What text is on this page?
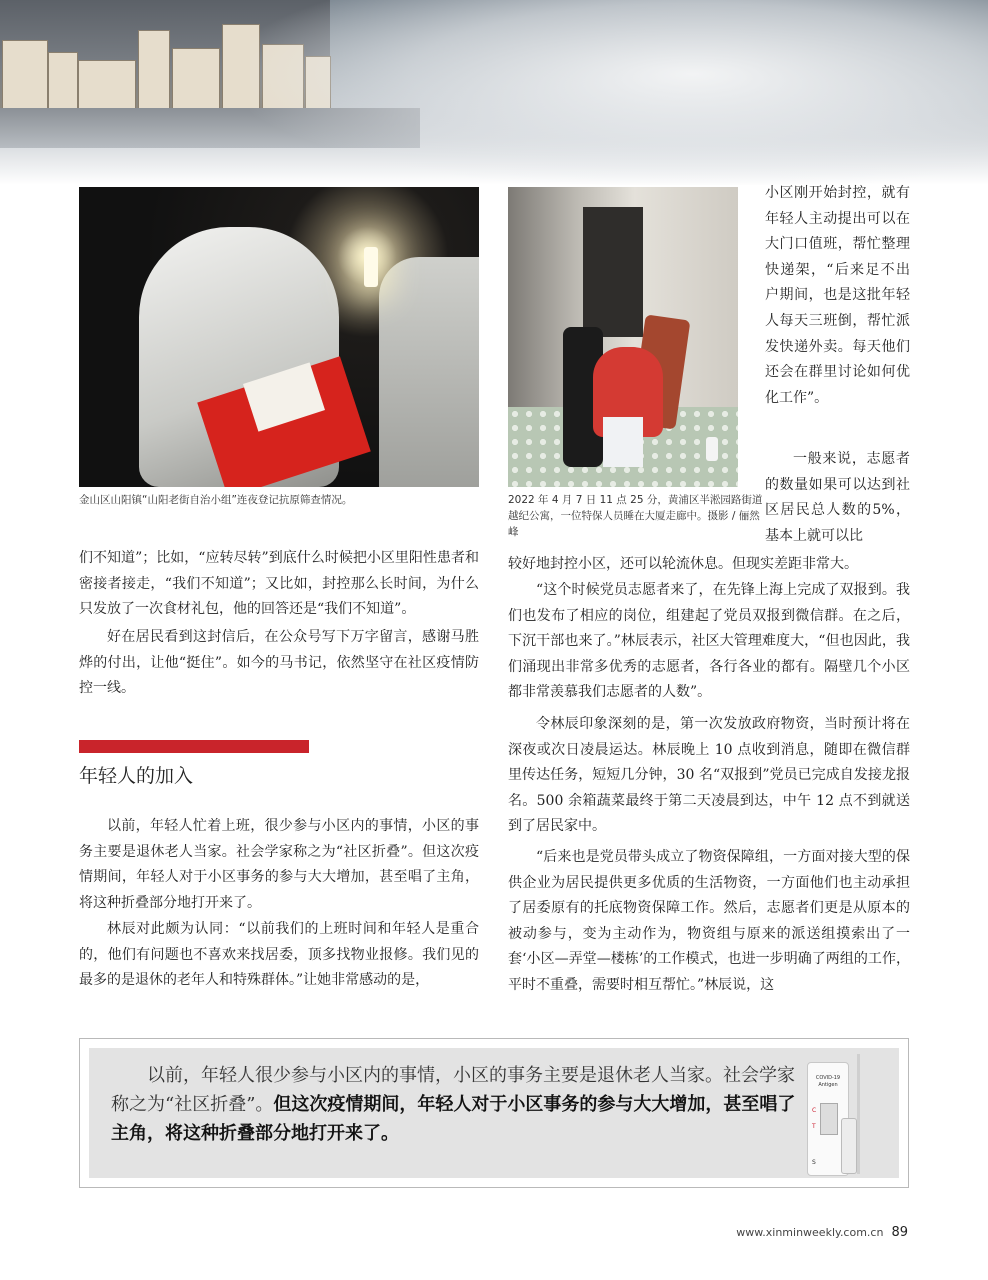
金山区山阳镇“山阳老街自治小组”连夜登记抗原筛查情况。	2022 年 4 月 7 日 11 点 25 分，黄浦区半淞园路街道越纪公寓，一位特保人员睡在大厦走廊中。摄影 / 俪然峰

小区刚开始封控，就有年轻人主动提出可以在大门口值班，帮忙整理快递架，“后来足不出户期间，也是这批年轻人每天三班倒，帮忙派发快递外卖。每天他们还会在群里讨论如何优化工作”。

一般来说，志愿者的数量如果可以达到社区居民总人数的5%，基本上就可以比

们不知道”；比如，“应转尽转”到底什么时候把小区里阳性患者和密接者接走，“我们不知道”；又比如，封控那么长时间，为什么只发放了一次食材礼包，他的回答还是“我们不知道”。

好在居民看到这封信后，在公众号写下万字留言，感谢马胜烨的付出，让他“挺住”。如今的马书记，依然坚守在社区疫情防控一线。

年轻人的加入

以前，年轻人忙着上班，很少参与小区内的事情，小区的事务主要是退休老人当家。社会学家称之为“社区折叠”。但这次疫情期间，年轻人对于小区事务的参与大大增加，甚至唱了主角，将这种折叠部分地打开来了。

林辰对此颇为认同：“以前我们的上班时间和年轻人是重合的，他们有问题也不喜欢来找居委，顶多找物业报修。我们见的最多的是退休的老年人和特殊群体。”让她非常感动的是，

较好地封控小区，还可以轮流休息。但现实差距非常大。

“这个时候党员志愿者来了，在先锋上海上完成了双报到。我们也发布了相应的岗位，组建起了党员双报到微信群。在之后，下沉干部也来了。”林辰表示，社区大管理难度大，“但也因此，我们涌现出非常多优秀的志愿者，各行各业的都有。隔壁几个小区都非常羡慕我们志愿者的人数”。

令林辰印象深刻的是，第一次发放政府物资，当时预计将在深夜或次日凌晨运达。林辰晚上 10 点收到消息，随即在微信群里传达任务，短短几分钟，30 名“双报到”党员已完成自发接龙报名。500 余箱蔬菜最终于第二天凌晨到达，中午 12 点不到就送到了居民家中。

“后来也是党员带头成立了物资保障组，一方面对接大型的保供企业为居民提供更多优质的生活物资，一方面他们也主动承担了居委原有的托底物资保障工作。然后，志愿者们更是从原本的被动参与，变为主动作为，物资组与原来的派送组摸索出了一套‘小区—弄堂—楼栋’的工作模式，也进一步明确了两组的工作，平时不重叠，需要时相互帮忙。”林辰说，这

以前，年轻人很少参与小区内的事情，小区的事务主要是退休老人当家。社会学家称之为“社区折叠”。但这次疫情期间，年轻人对于小区事务的参与大大增加，甚至唱了主角，将这种折叠部分地打开来了。

COVID-19 Antigen
C
T
S
www.xinminweekly.com.cn 89
